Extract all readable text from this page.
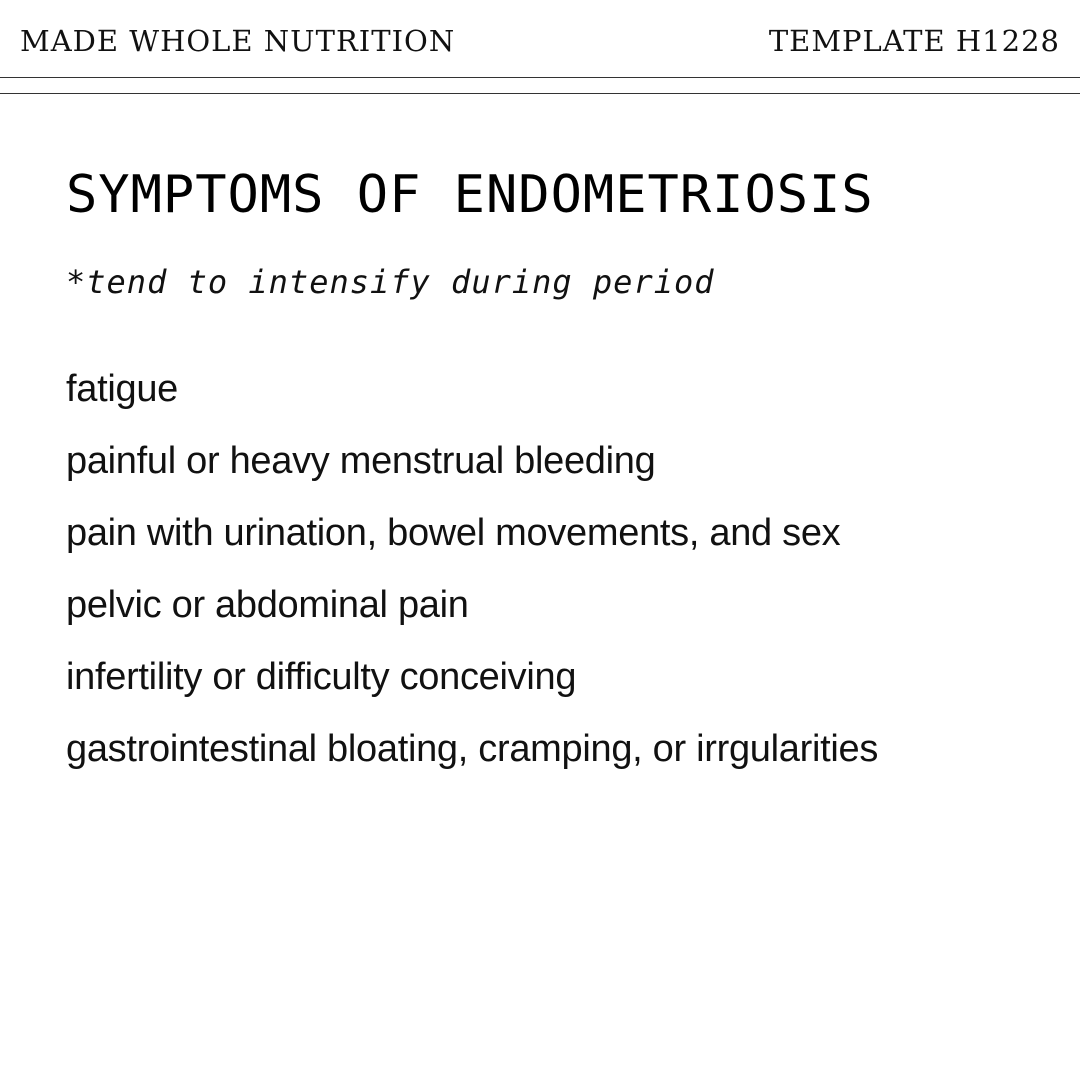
MADE WHOLE NUTRITION	TEMPLATE H1228
SYMPTOMS OF ENDOMETRIOSIS
*tend to intensify during period
fatigue
painful or heavy menstrual bleeding
pain with urination, bowel movements, and sex
pelvic or abdominal pain
infertility or difficulty conceiving
gastrointestinal bloating, cramping, or irrgularities
